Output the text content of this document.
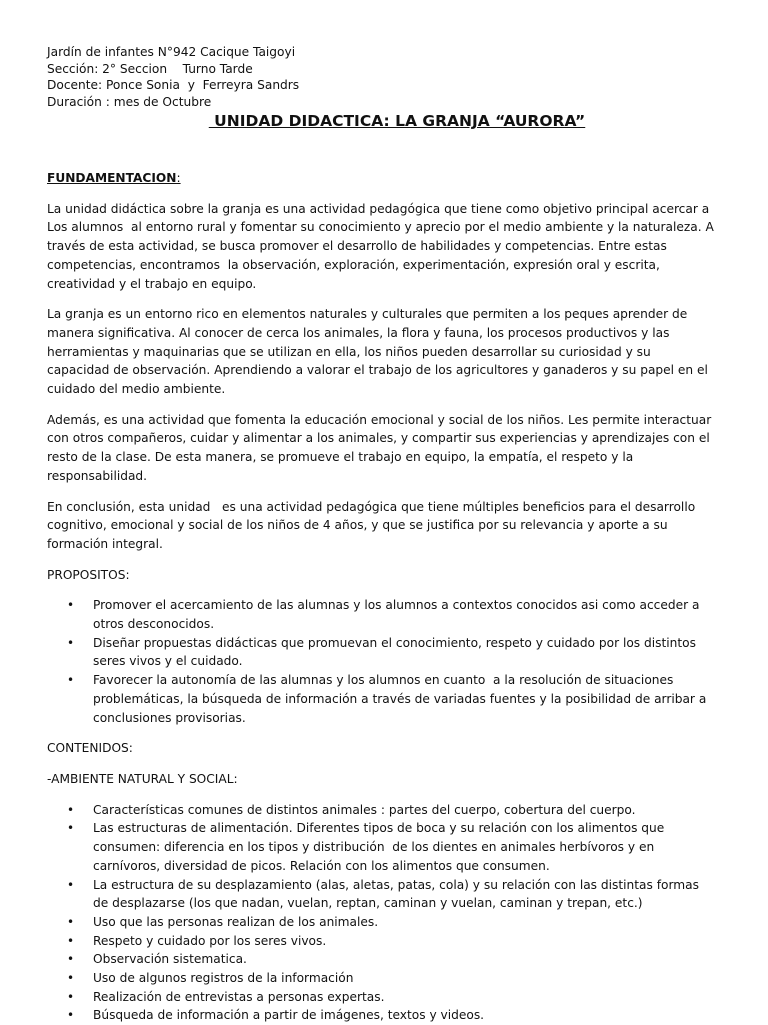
Jardín de infantes N°942 Cacique Taigoyi
Sección: 2° Seccion    Turno Tarde
Docente: Ponce Sonia  y  Ferreyra Sandrs
Duración : mes de Octubre
UNIDAD DIDACTICA: LA GRANJA “AURORA”
FUNDAMENTACION:

La unidad didáctica sobre la granja es una actividad pedagógica que tiene como objetivo principal acercar a Los alumnos  al entorno rural y fomentar su conocimiento y aprecio por el medio ambiente y la naturaleza. A través de esta actividad, se busca promover el desarrollo de habilidades y competencias. Entre estas competencias, encontramos  la observación, exploración, experimentación, expresión oral y escrita, creatividad y el trabajo en equipo.

La granja es un entorno rico en elementos naturales y culturales que permiten a los peques aprender de manera significativa. Al conocer de cerca los animales, la flora y fauna, los procesos productivos y las  herramientas y maquinarias que se utilizan en ella, los niños pueden desarrollar su curiosidad y su capacidad de observación. Aprendiendo a valorar el trabajo de los agricultores y ganaderos y su papel en el cuidado del medio ambiente.

Además, es una actividad que fomenta la educación emocional y social de los niños. Les permite interactuar con otros compañeros, cuidar y alimentar a los animales, y compartir sus experiencias y aprendizajes con el resto de la clase. De esta manera, se promueve el trabajo en equipo, la empatía, el respeto y la responsabilidad.

En conclusión, esta unidad   es una actividad pedagógica que tiene múltiples beneficios para el desarrollo cognitivo, emocional y social de los niños de 4 años, y que se justifica por su relevancia y aporte a su formación integral.

PROPOSITOS:

• Promover el acercamiento de las alumnas y los alumnos a contextos conocidos asi como acceder a otros desconocidos.
• Diseñar propuestas didácticas que promuevan el conocimiento, respeto y cuidado por los distintos seres vivos y el cuidado.
• Favorecer la autonomía de las alumnas y los alumnos en cuanto  a la resolución de situaciones problemáticas, la búsqueda de información a través de variadas fuentes y la posibilidad de arribar a conclusiones provisorias.

CONTENIDOS:

-AMBIENTE NATURAL Y SOCIAL:

• Características comunes de distintos animales : partes del cuerpo, cobertura del cuerpo.
• Las estructuras de alimentación. Diferentes tipos de boca y su relación con los alimentos que consumen: diferencia en los tipos y distribución  de los dientes en animales herbívoros y en carnívoros, diversidad de picos. Relación con los alimentos que consumen.
• La estructura de su desplazamiento (alas, aletas, patas, cola) y su relación con las distintas formas de desplazarse (los que nadan, vuelan, reptan, caminan y vuelan, caminan y trepan, etc.)
• Uso que las personas realizan de los animales.
• Respeto y cuidado por los seres vivos.
• Observación sistematica.
• Uso de algunos registros de la información
• Realización de entrevistas a personas expertas.
• Búsqueda de información a partir de imágenes, textos y videos.
